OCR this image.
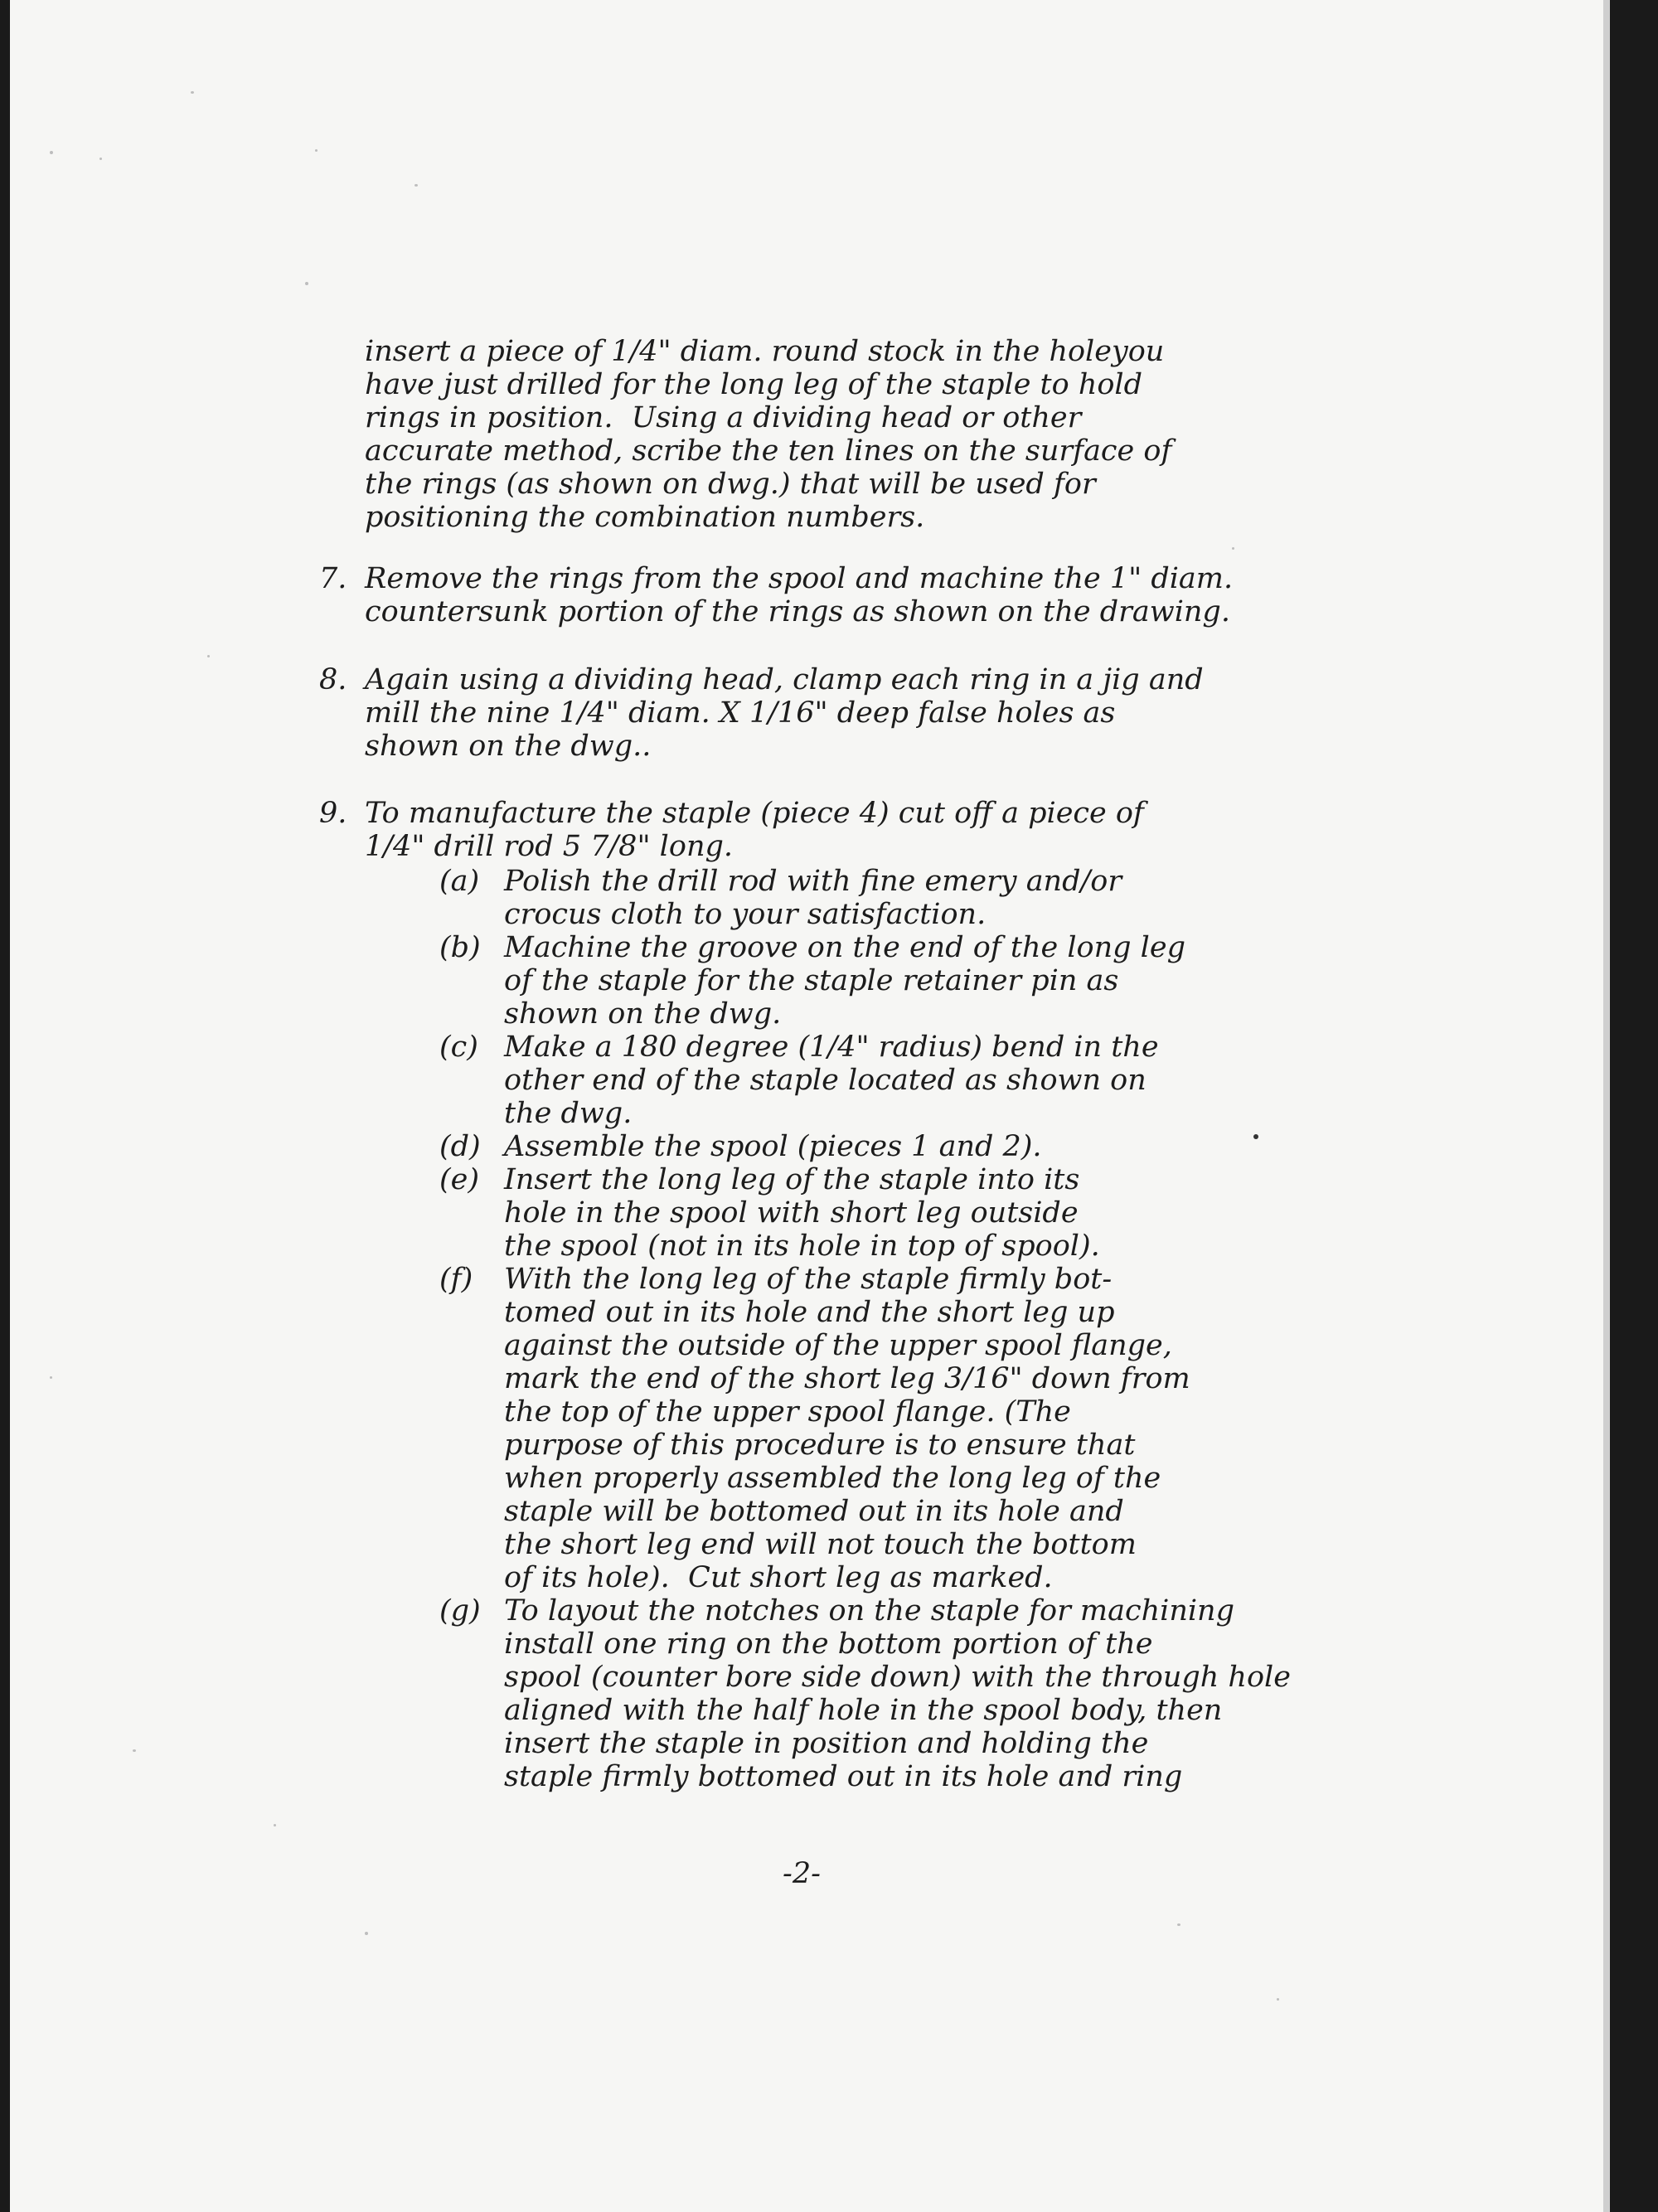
insert a piece of 1/4" diam. round stock in the holeyou
have just drilled for the long leg of the staple to hold
rings in position.  Using a dividing head or other
accurate method, scribe the ten lines on the surface of
the rings (as shown on dwg.) that will be used for
positioning the combination numbers.
7. Remove the rings from the spool and machine the 1" diam.
countersunk portion of the rings as shown on the drawing.
8. Again using a dividing head, clamp each ring in a jig and
mill the nine 1/4" diam. X 1/16" deep false holes as
shown on the dwg..
9. To manufacture the staple (piece 4) cut off a piece of
1/4" drill rod 5 7/8" long.
(a) Polish the drill rod with fine emery and/or
crocus cloth to your satisfaction.
(b) Machine the groove on the end of the long leg
of the staple for the staple retainer pin as
shown on the dwg.
(c) Make a 180 degree (1/4" radius) bend in the
other end of the staple located as shown on
the dwg.
(d) Assemble the spool (pieces 1 and 2).
(e) Insert the long leg of the staple into its
hole in the spool with short leg outside
the spool (not in its hole in top of spool).
(f) With the long leg of the staple firmly bot-
tomed out in its hole and the short leg up
against the outside of the upper spool flange,
mark the end of the short leg 3/16" down from
the top of the upper spool flange. (The
purpose of this procedure is to ensure that
when properly assembled the long leg of the
staple will be bottomed out in its hole and
the short leg end will not touch the bottom
of its hole).  Cut short leg as marked.
(g) To layout the notches on the staple for machining
install one ring on the bottom portion of the
spool (counter bore side down) with the through hole
aligned with the half hole in the spool body, then
insert the staple in position and holding the
staple firmly bottomed out in its hole and ring
-2-
